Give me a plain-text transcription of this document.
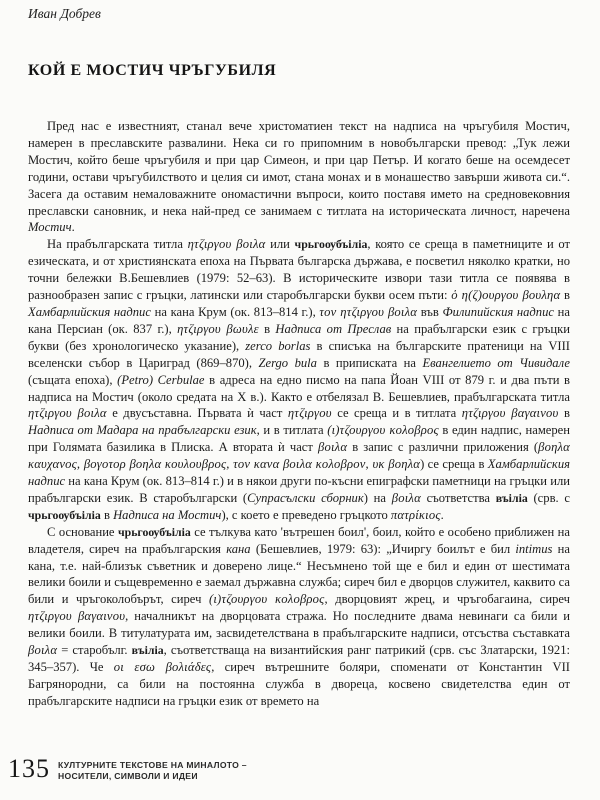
Иван Добрев
КОЙ Е МОСТИЧ ЧРЪГУБИЛЯ

Пред нас е известният, станал вече христоматиен текст на надписа на чръгубиля Мостич, намерен в преславските развалини. Нека си го припомним в новобългарски превод: „Тук лежи Мостич, който беше чръгубиля и при цар Симеон, и при цар Петър. И когато беше на осемдесет години, остави чръгубилството и целия си имот, стана монах и в монашество завърши живота си.“. Засега да оставим немаловажните ономастични въпроси, които поставя името на средновековния преславски сановник, и нека най-пред се занимаем с титлата на историческата личност, наречена Мостич.

На прабългарската титла ητζιργου βοιλα или чрьгоѹбъіліа, която се среща в паметниците и от езическата, и от християнската епоха на Първата българска държава, е посветил няколко кратки, но точни бележки В.Бешевлиев (1979: 52–63). В историческите извори тази титла се появява в разнообразен запис с гръцки, латински или старобългарски букви осем пъти: ὁ η(ζ)ουργου βουληα в Хамбарлийския надпис на кана Крум (ок. 813–814 г.), τον ητζιργου βοιλα във Филипийския надпис на кана Персиан (ок. 837 г.), ητζιργου βωυλε в Надписа от Преслав на прабългарски език с гръцки букви (без хронологическо указание), zerco borlas в списъка на българските пратеници на VIII вселенски събор в Цариград (869–870), Zergo bula в приписката на Евангелието от Чивидале (същата епоха), (Petro) Cerbulae в адреса на едно писмо на папа Йоан VIII от 879 г. и два пъти в надписа на Мостич (около средата на X в.). Както е отбелязал В. Бешевлиев, прабългарската титла ητζιργου βοιλα е двусъставна. Първата ѝ част ητζιργου се среща и в титлата ητζιργου βαγαινου в Надписа от Мадара на прабългарски език, и в титлата (ι)τζουργου κολοβρος в един надпис, намерен при Голямата базилика в Плиска. А втората ѝ част βοιλα в запис с различни приложения (βοηλα καυχανος, βογοτορ βοηλα κουλουβρος, τον κανα βοιλα κολοβρον, υκ βοηλα) се среща в Хамбарлийския надпис на кана Крум (ок. 813–814 г.) и в някои други по-късни епиграфски паметници на гръцки или прабългарски език. В старобългарски (Супрасълски сборник) на βοιλα съответства въіліа (срв. с чрьгоѹбъіліа в Надписа на Мостич), с което е преведено гръцкото πατρίκιος.

С основание чрьгоѹбъіліа се тълкува като 'вътрешен боил', боил, който е особено приближен на владетеля, сиреч на прабългарския кана (Бешевлиев, 1979: 63): „Ичиргу боилът е бил intimus на кана, т.е. най-близък съветник и доверено лице.“ Несъмнено той ще е бил и един от шестимата велики боили и същевременно е заемал държавна служба; сиреч бил е дворцов служител, каквито са били и чръгоколобърът, сиреч (ι)τζουργου κολοβρος, дворцовият жрец, и чръгобагаина, сиреч ητζιργου βαγαινου, началникът на дворцовата стража. Но последните двама невинаги са били и велики боили. В титулатурата им, засвидетелствана в прабългарските надписи, отсъства съставката βοιλα = старобълг. въіліа, съответстваща на византийския ранг патрикий (срв. със Златарски, 1921: 345–357). Че οι εσω βολιάδες, сиреч вътрешните боляри, споменати от Константин VII Багрянородни, са били на постоянна служба в двореца, косвено свидетелства един от прабългарските надписи на гръцки език от времето на

135 КУЛТУРНИТЕ ТЕКСТОВЕ НА МИНАЛОТО –
НОСИТЕЛИ, СИМВОЛИ И ИДЕИ
